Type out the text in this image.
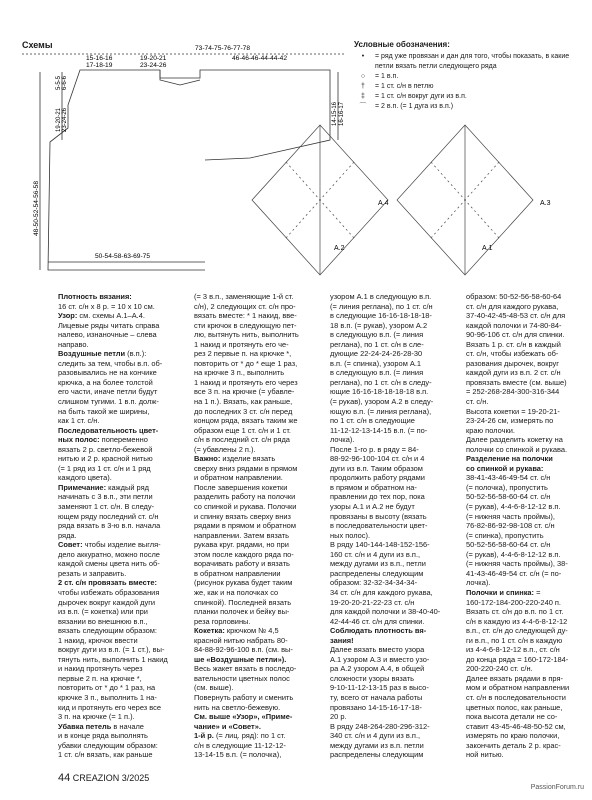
Схемы	73-74-75-76-77-78
15-16-16
17-18-19
19-20-21
23-24-26
46-46-46-44-44-42
5-5-5 6-6-6
19-20-21 23-24-26
48-50-52-54-56-58
14-15-16 16-16-17
50-54-58-63-69-75
А.4
А.2
А.3
А.1
Условные обозначения:
•	= ряд уже провязан и дан для того, чтобы показать, в какие петли вязать петли следующего ряда
○	= 1 в.п.
†	= 1 ст. с/н в петлю
‡	= 1 ст. с/н вокруг дуги из в.п.
⌒	= 2 в.п. (= 1 дуга из в.п.)

Плотность вязания:

16 ст. с/н х 8 р. = 10 х 10 см.

Узор: см. схемы А.1–А.4.

Лицевые ряды читать справа

налево, изнаночные – слева

направо.

Воздушные петли (в.п.):

следить за тем, чтобы в.п. об-

разовывались не на кончике

крючка, а на более толстой

его части, иначе петли будут

слишком тугими. 1 в.п. долж-

на быть такой же ширины,

как 1 ст. с/н.

Последовательность цвет-

ных полос: попеременно

вязать 2 р. светло-бежевой

нитью и 2 р. красной нитью

(= 1 ряд из 1 ст. с/н и 1 ряд

каждого цвета).

Примечание: каждый ряд

начинать с 3 в.п., эти петли

заменяют 1 ст. с/н. В следу-

ющем ряду последний ст. с/н

ряда вязать в 3-ю в.п. начала

ряда.

Совет: чтобы изделие выгля-

дело аккуратно, можно после

каждой смены цвета нить об-

резать и заправить.

2 ст. с/н провязать вместе:

чтобы избежать образования

дырочек вокруг каждой дуги

из в.п. (= кокетка) или при

вязании во внешнюю в.п.,

вязать следующим образом:

1 накид, крючок ввести

вокруг дуги из в.п. (= 1 ст.), вы-

тянуть нить, выполнить 1 накид

и накид протянуть через

первые 2 п. на крючке *,

повторить от * до * 1 раз, на

крючке 3 п., выполнить 1 на-

кид и протянуть его через все

3 п. на крючке (= 1 п.).

Убавка петель в начале

и в конце ряда выполнять

убавки следующим образом:

1 ст. с/н вязать, как раньше

(= 3 в.п., заменяющие 1-й ст.

с/н), 2 следующих ст. с/н про-

вязать вместе: * 1 накид, вве-

сти крючок в следующую пет-

лю, вытянуть нить, выполнить

1 накид и протянуть его че-

рез 2 первые п. на крючке *,

повторить от * до * еще 1 раз,

на крючке 3 п., выполнить

1 накид и протянуть его через

все 3 п. на крючке (= убавле-

на 1 п.). Вязать, как раньше,

до последних 3 ст. с/н перед

концом ряда, вязать таким же

образом еще 1 ст. с/н и 1 ст.

с/н в последний ст. с/н ряда

(= убавлены 2 п.).

Важно: изделие вязать

сверху вниз рядами в прямом

и обратном направлении.

После завершения кокетки

разделить работу на полочки

со спинкой и рукава. Полочки

и спинку вязать сверху вниз

рядами в прямом и обратном

направлении. Затем вязать

рукава круг. рядами, но при

этом после каждого ряда по-

ворачивать работу и вязать

в обратном направлении

(рисунок рукава будет таким

же, как и на полочках со

спинкой). Последней вязать

планки полочек и бейку вы-

реза горловины.

Кокетка: крючком № 4,5

красной нитью набрать 80-

84-88-92-96-100 в.п. (см. вы-

ше «Воздушные петли»).

Весь жакет вязать в последо-

вательности цветных полос

(см. выше).

Повернуть работу и сменить

нить на светло-бежевую.

См. выше «Узор», «Приме-

чание» и «Совет».

1-й р. (= лиц. ряд): по 1 ст.

с/н в следующие 11-12-12-

13-14-15 в.п. (= полочка),

узором А.1 в следующую в.п.

(= линия реглана), по 1 ст. с/н

в следующие 16-16-18-18-18-

18 в.п. (= рукав), узором А.2

в следующую в.п. (= линия

реглана), по 1 ст. с/н в сле-

дующие 22-24-24-26-28-30

в.п. (= спинка), узором А.1

в следующую в.п. (= линия

реглана), по 1 ст. с/н в следу-

ющие 16-16-18-18-18-18 в.п.

(= рукав), узором А.2 в следу-

ющую в.п. (= линия реглана),

по 1 ст. с/н в следующие

11-12-12-13-14-15 в.п. (= по-

лочка).

После 1-го р. в ряду = 84-

88-92-96-100-104 ст. с/н и 4

дуги из в.п. Таким образом

продолжить работу рядами

в прямом и обратном на-

правлении до тех пор, пока

узоры А.1 и А.2 не будут

провязаны в высоту (вязать

в последовательности цвет-

ных полос).

В ряду 140-144-148-152-156-

160 ст. с/н и 4 дуги из в.п.,

между дугами из в.п., петли

распределены следующим

образом: 32-32-34-34-34-

34 ст. с/н для каждого рукава,

19-20-20-21-22-23 ст. с/н

для каждой полочки и 38-40-40-

42-44-46 ст. с/н для спинки.

Соблюдать плотность вя-

зания!

Далее вязать вместо узора

А.1 узором А.3 и вместо узо-

ра А.2 узором А.4, в общей

сложности узоры вязать

9-10-11-12-13-15 раз в высо-

ту, всего от начала работы

провязано 14-15-16-17-18-

20 р.

В ряду 248-264-280-296-312-

340 ст. с/н и 4 дуги из в.п.,

между дугами из в.п. петли

распределены следующим

образом: 50-52-56-58-60-64

ст. с/н для каждого рукава,

37-40-42-45-48-53 ст. с/н для

каждой полочки и 74-80-84-

90-96-106 ст. с/н для спинки.

Вязать 1 р. ст. с/н в каждый

ст. с/н, чтобы избежать об-

разования дырочек, вокруг

каждой дуги из в.п. 2 ст. с/н

провязать вместе (см. выше)

= 252-268-284-300-316-344

ст. с/н.

Высота кокетки = 19-20-21-

23-24-26 см, измерять по

краю полочки.

Далее разделить кокетку на

полочки со спинкой и рукава.

Разделение на полочки

со спинкой и рукава:

38-41-43-46-49-54 ст. с/н

(= полочка), пропустить

50-52-56-58-60-64 ст. с/н

(= рукав), 4-4-6-8-12-12 в.п.

(= нижняя часть проймы),

76-82-86-92-98-108 ст. с/н

(= спинка), пропустить

50-52-56-58-60-64 ст. с/н

(= рукав), 4-4-6-8-12-12 в.п.

(= нижняя часть проймы), 38-

41-43-46-49-54 ст. с/н (= по-

лочка).

Полочки и спинка: =

160-172-184-200-220-240 п.

Вязать ст. с/н до в.п. по 1 ст.

с/н в каждую из 4-4-6-8-12-12

в.п., ст. с/н до следующей ду-

ги в.п., по 1 ст. с/н в каждую

из 4-4-6-8-12-12 в.п., ст. с/н

до конца ряда = 160-172-184-

200-220-240 ст. с/н.

Далее вязать рядами в пря-

мом и обратном направлении

ст. с/н в последовательности

цветных полос, как раньше,

пока высота детали не со-

ставит 43-45-46-48-50-52 см,

измерять по краю полочки,

закончить деталь 2 р. крас-

ной нитью.

44 CREAZION 3/2025
PassionForum.ru
